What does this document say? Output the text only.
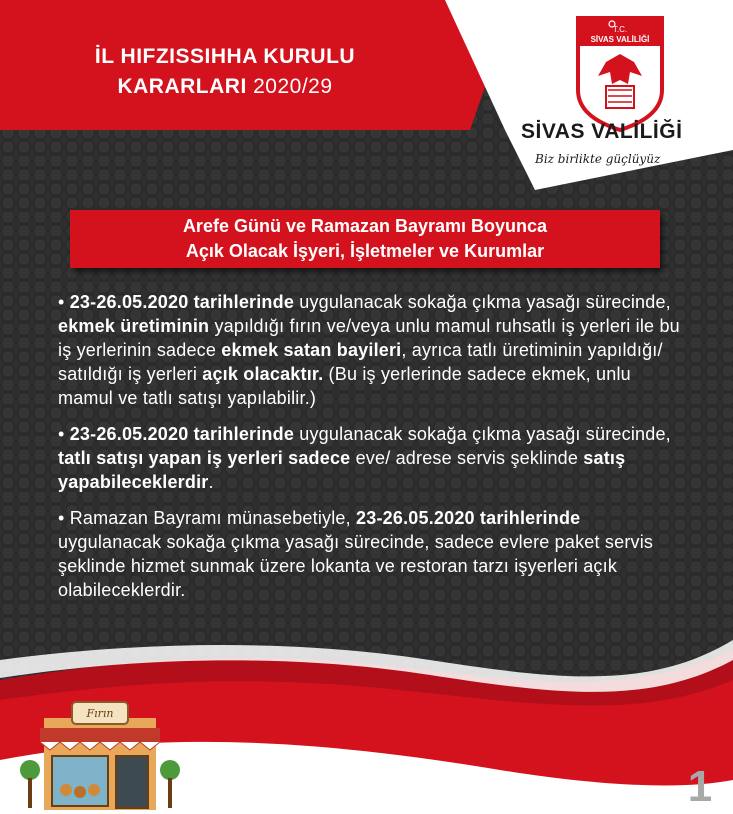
İL HIFZISSIHHA KURULU
KARARLARI 2020/29
T.C.
SİVAS VALİLİĞİ
SİVAS VALİLİĞİ
Biz birlikte güçlüyüz
Arefe Günü ve Ramazan Bayramı Boyunca
Açık Olacak İşyeri, İşletmeler ve Kurumlar
• 23-26.05.2020 tarihlerinde uygulanacak sokağa çıkma yasağı sürecinde, ekmek üretiminin yapıldığı fırın ve/veya unlu mamul ruhsatlı iş yerleri ile bu iş yerlerinin sadece ekmek satan bayileri, ayrıca tatlı üretiminin yapıldığı/ satıldığı iş yerleri açık olacaktır. (Bu iş yerlerinde sadece ekmek, unlu mamul ve tatlı satışı yapılabilir.)
• 23-26.05.2020 tarihlerinde uygulanacak sokağa çıkma yasağı sürecinde, tatlı satışı yapan iş yerleri sadece eve/ adrese servis şeklinde satış yapabileceklerdir.
• Ramazan Bayramı münasebetiyle, 23-26.05.2020 tarihlerinde uygulanacak sokağa çıkma yasağı sürecinde, sadece evlere paket servis şeklinde hizmet sunmak üzere lokanta ve restoran tarzı işyerleri açık olabileceklerdir.
Fırın
1
